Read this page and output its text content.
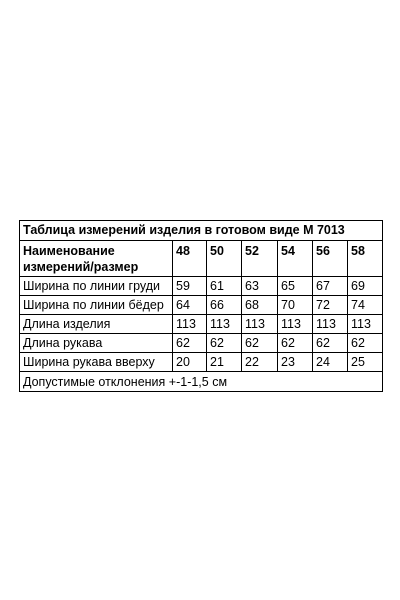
Таблица измерений изделия в готовом виде М 7013						

Наименование
измерений/размер	48	50	52	54	56	58
Ширина по линии груди	59	61	63	65	67	69
Ширина по линии бёдер	64	66	68	70	72	74
Длина изделия	113	113	113	113	113	113
Длина рукава	62	62	62	62	62	62
Ширина рукава вверху	20	21	22	23	24	25
Допустимые отклонения +-1-1,5 см						
